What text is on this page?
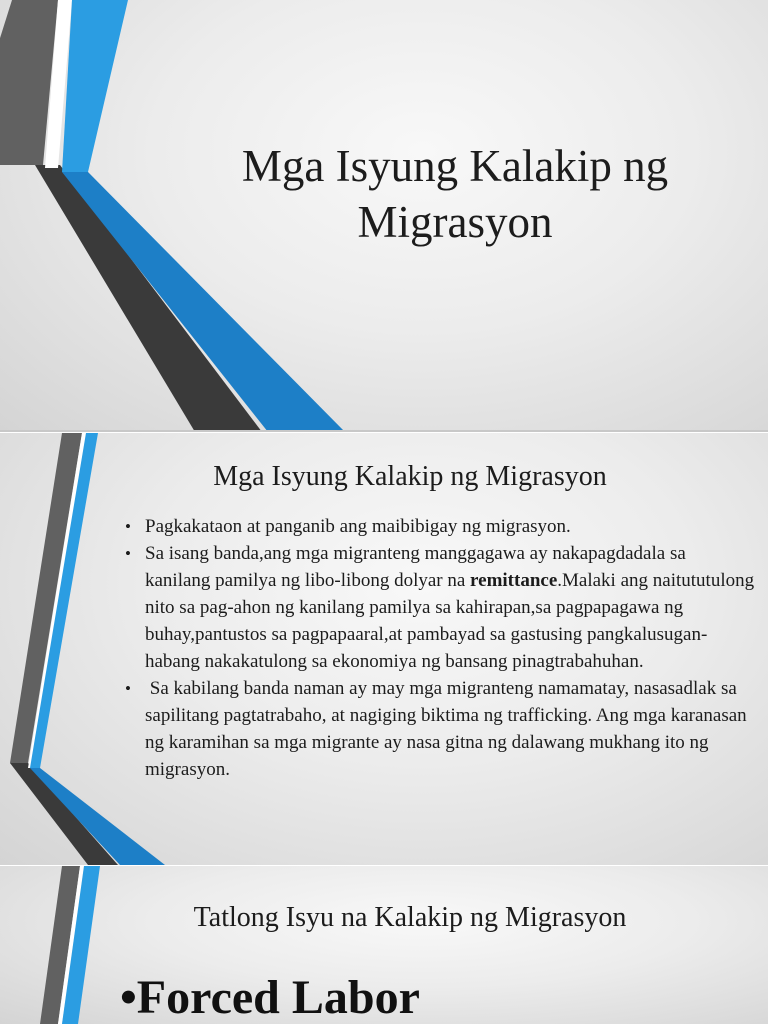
Mga Isyung Kalakip ng Migrasyon
Mga Isyung Kalakip ng Migrasyon
• Pagkakataon at panganib ang maibibigay ng migrasyon.
• Sa isang banda,ang mga migranteng manggagawa ay nakapagdadala sa kanilang pamilya ng libo-libong dolyar na remittance.Malaki ang naitututulong nito sa pag-ahon ng kanilang pamilya sa kahirapan,sa pagpapagawa ng buhay,pantustos sa pagpapaaral,at pambayad sa gastusing pangkalusugan-habang nakakatulong sa ekonomiya ng bansang pinagtrabahuhan.
•  Sa kabilang banda naman ay may mga migranteng namamatay, nasasadlak sa sapilitang pagtatrabaho, at nagiging biktima ng trafficking. Ang mga karanasan ng karamihan sa mga migrante ay nasa gitna ng dalawang mukhang ito ng migrasyon.
Tatlong Isyu na Kalakip ng Migrasyon
•Forced Labor
